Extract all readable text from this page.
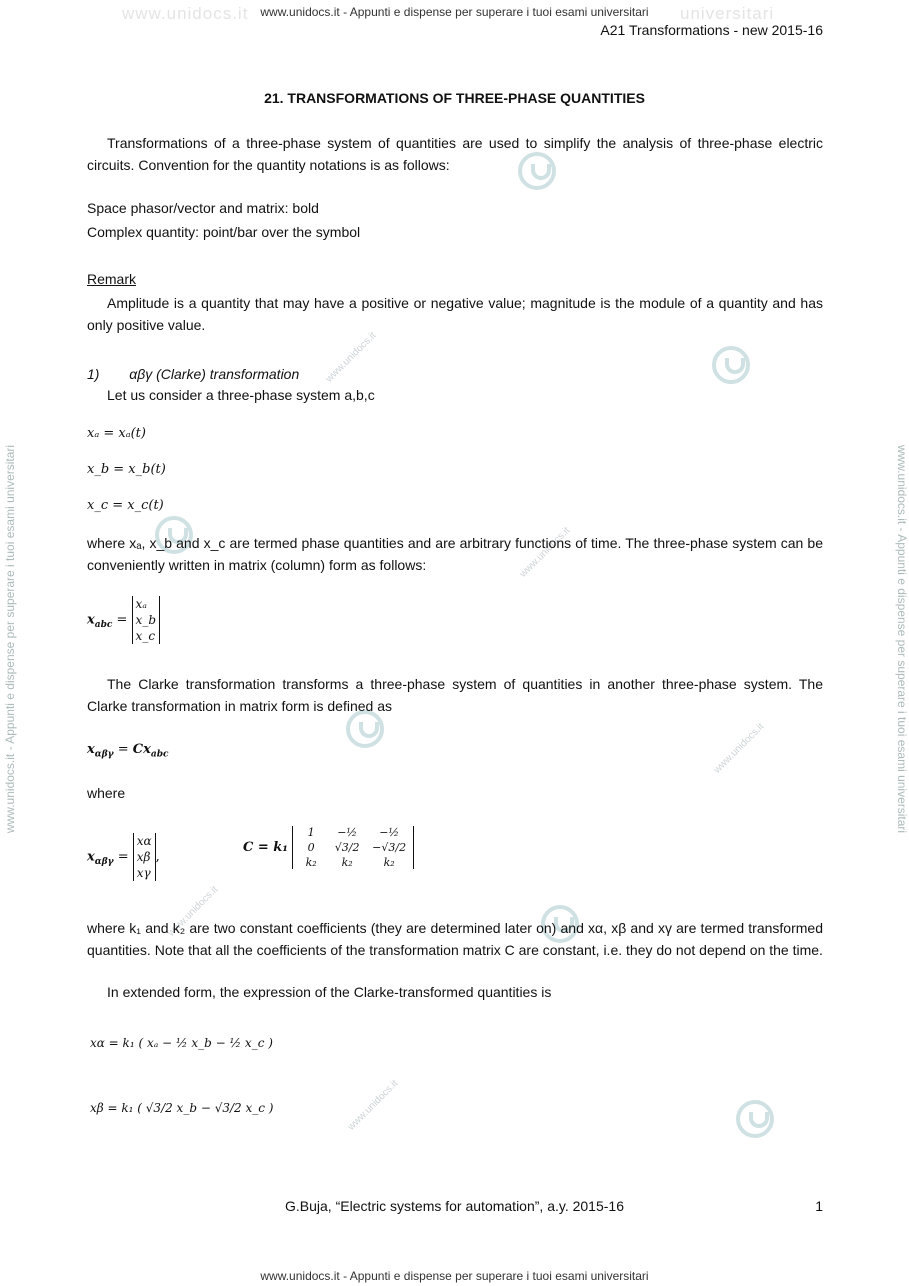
www.unidocs.it	universitari
www.unidocs.it - Appunti e dispense per superare i tuoi esami universitari
www.unidocs.it - Appunti e dispense per superare i tuoi esami universitari
www.unidocs.it - Appunti e dispense per superare i tuoi esami universitari	www.unidocs.it - Appunti e dispense per superare i tuoi esami universitari
www.unidocs.it
www.unidocs.it
www.unidocs.it
www.unidocs.it
www.unidocs.it
A21 Transformations - new 2015-16
21. TRANSFORMATIONS OF THREE-PHASE QUANTITIES
Transformations of a three-phase system of quantities are used to simplify the analysis of three-phase electric circuits. Convention for the quantity notations is as follows:
Space phasor/vector and matrix: bold
Complex quantity: point/bar over the symbol
Remark
Amplitude is a quantity that may have a positive or negative value; magnitude is the module of a quantity and has only positive value.
1) αβγ (Clarke) transformation
Let us consider a three-phase system a,b,c
xₐ = xₐ(t)
x_b = x_b(t)
x_c = x_c(t)
where xₐ, x_b and x_c are termed phase quantities and are arbitrary functions of time. The three-phase system can be conveniently written in matrix (column) form as follows:
$x_{abc}$ =
xₐ
x_b
x_c
The Clarke transformation transforms a three-phase system of quantities in another three-phase system. The Clarke transformation in matrix form is defined as
$x_{\alpha\beta\gamma} = Cx_{abc}$
where
$x_{\alpha\beta\gamma}$ =
xα
xβ
xγ
,
C = k₁
1	−½	−½
0	√3/2	−√3/2
k₂	k₂	k₂
where k₁ and k₂ are two constant coefficients (they are determined later on) and xα, xβ and xγ are termed transformed quantities. Note that all the coefficients of the transformation matrix C are constant, i.e. they do not depend on the time.
In extended form, the expression of the Clarke-transformed quantities is
xα = k₁ ( xₐ − ½ x_b − ½ x_c )
xβ = k₁ ( √3/2 x_b − √3/2 x_c )
G.Buja, “Electric systems for automation”, a.y. 2015-16	1
